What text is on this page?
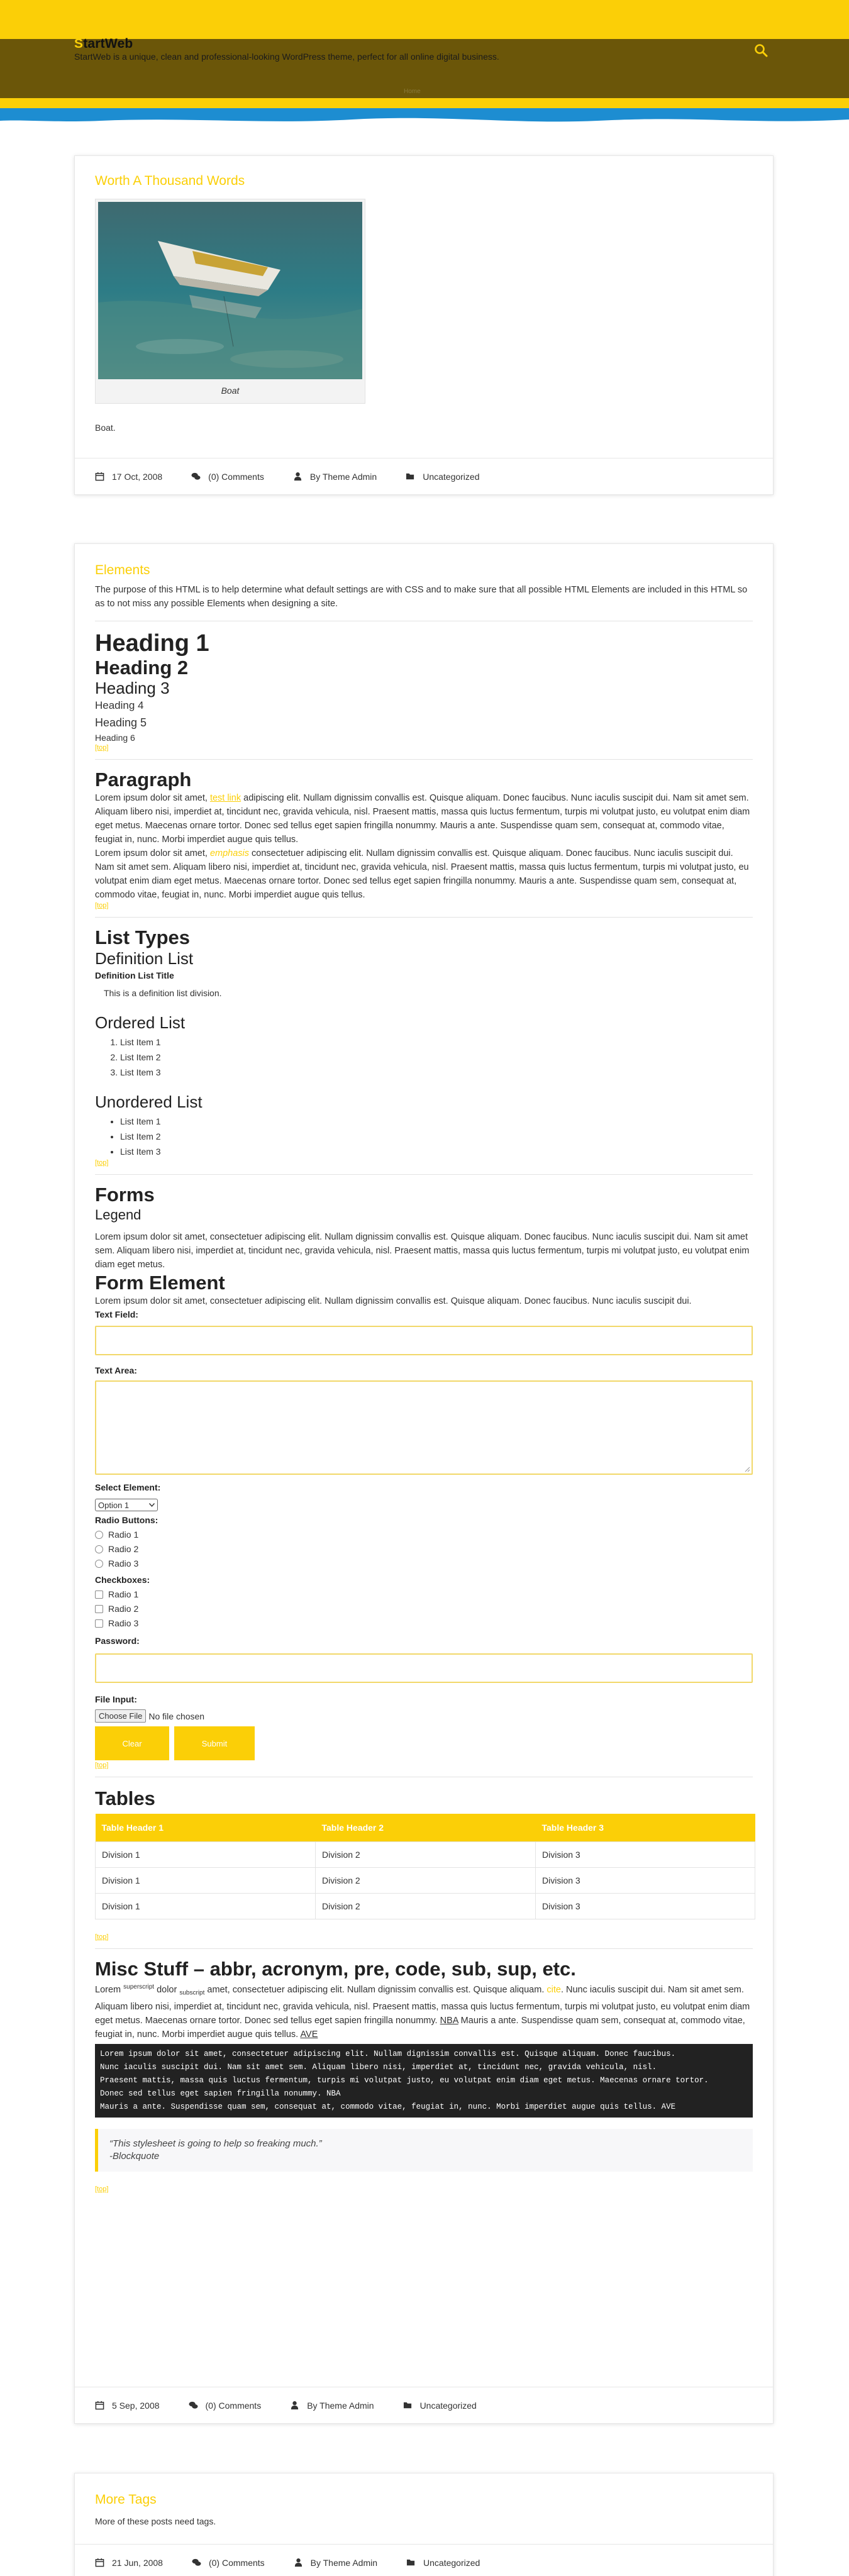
StartWeb
StartWeb is a unique, clean and professional-looking WordPress theme, perfect for all online digital business.
Home
Worth A Thousand Words
Boat
Boat.
17 Oct, 2008	(0) Comments	By Theme Admin	Uncategorized
Elements

The purpose of this HTML is to help determine what default settings are with CSS and to make sure that all possible HTML Elements are included in this HTML so as to not miss any possible Elements when designing a site.

Heading 1
Heading 2
Heading 3
Heading 4
Heading 5
Heading 6
[top]
Paragraph

Lorem ipsum dolor sit amet, test link adipiscing elit. Nullam dignissim convallis est. Quisque aliquam. Donec faucibus. Nunc iaculis suscipit dui. Nam sit amet sem. Aliquam libero nisi, imperdiet at, tincidunt nec, gravida vehicula, nisl. Praesent mattis, massa quis luctus fermentum, turpis mi volutpat justo, eu volutpat enim diam eget metus. Maecenas ornare tortor. Donec sed tellus eget sapien fringilla nonummy. Mauris a ante. Suspendisse quam sem, consequat at, commodo vitae, feugiat in, nunc. Morbi imperdiet augue quis tellus.

Lorem ipsum dolor sit amet, emphasis consectetuer adipiscing elit. Nullam dignissim convallis est. Quisque aliquam. Donec faucibus. Nunc iaculis suscipit dui. Nam sit amet sem. Aliquam libero nisi, imperdiet at, tincidunt nec, gravida vehicula, nisl. Praesent mattis, massa quis luctus fermentum, turpis mi volutpat justo, eu volutpat enim diam eget metus. Maecenas ornare tortor. Donec sed tellus eget sapien fringilla nonummy. Mauris a ante. Suspendisse quam sem, consequat at, commodo vitae, feugiat in, nunc. Morbi imperdiet augue quis tellus.

[top]
List Types
Definition List
Definition List Title
This is a definition list division.
Ordered List
1. List Item 1
2. List Item 2
3. List Item 3
Unordered List
• List Item 1
• List Item 2
• List Item 3
[top]
Forms
Legend

Lorem ipsum dolor sit amet, consectetuer adipiscing elit. Nullam dignissim convallis est. Quisque aliquam. Donec faucibus. Nunc iaculis suscipit dui. Nam sit amet sem. Aliquam libero nisi, imperdiet at, tincidunt nec, gravida vehicula, nisl. Praesent mattis, massa quis luctus fermentum, turpis mi volutpat justo, eu volutpat enim diam eget metus.

Form Element

Lorem ipsum dolor sit amet, consectetuer adipiscing elit. Nullam dignissim convallis est. Quisque aliquam. Donec faucibus. Nunc iaculis suscipit dui.

Text Field:
Text Area:
Select Element:
Option 1
Radio Buttons:
Radio 1
Radio 2
Radio 3
Checkboxes:
Radio 1
Radio 2
Radio 3
Password:
File Input:
Choose File No file chosen
Clear	Submit
[top]
Tables
Table Header 1	Table Header 2	Table Header 3
Division 1	Division 2	Division 3
Division 1	Division 2	Division 3
Division 1	Division 2	Division 3
[top]
Misc Stuff – abbr, acronym, pre, code, sub, sup, etc.

Lorem $^{superscript}$ dolor $_{subscript}$ amet, consectetuer adipiscing elit. Nullam dignissim convallis est. Quisque aliquam. cite. Nunc iaculis suscipit dui. Nam sit amet sem. Aliquam libero nisi, imperdiet at, tincidunt nec, gravida vehicula, nisl. Praesent mattis, massa quis luctus fermentum, turpis mi volutpat justo, eu volutpat enim diam eget metus. Maecenas ornare tortor. Donec sed tellus eget sapien fringilla nonummy. NBA Mauris a ante. Suspendisse quam sem, consequat at, commodo vitae, feugiat in, nunc. Morbi imperdiet augue quis tellus. AVE

Lorem ipsum dolor sit amet, consectetuer adipiscing elit. Nullam dignissim convallis est. Quisque aliquam. Donec faucibus.
Nunc iaculis suscipit dui. Nam sit amet sem. Aliquam libero nisi, imperdiet at, tincidunt nec, gravida vehicula, nisl.
Praesent mattis, massa quis luctus fermentum, turpis mi volutpat justo, eu volutpat enim diam eget metus. Maecenas ornare tortor.
Donec sed tellus eget sapien fringilla nonummy. NBA
Mauris a ante. Suspendisse quam sem, consequat at, commodo vitae, feugiat in, nunc. Morbi imperdiet augue quis tellus. AVE
“This stylesheet is going to help so freaking much.”
-Blockquote
[top]
5 Sep, 2008	(0) Comments	By Theme Admin	Uncategorized
More Tags
More of these posts need tags.
21 Jun, 2008	(0) Comments	By Theme Admin	Uncategorized
